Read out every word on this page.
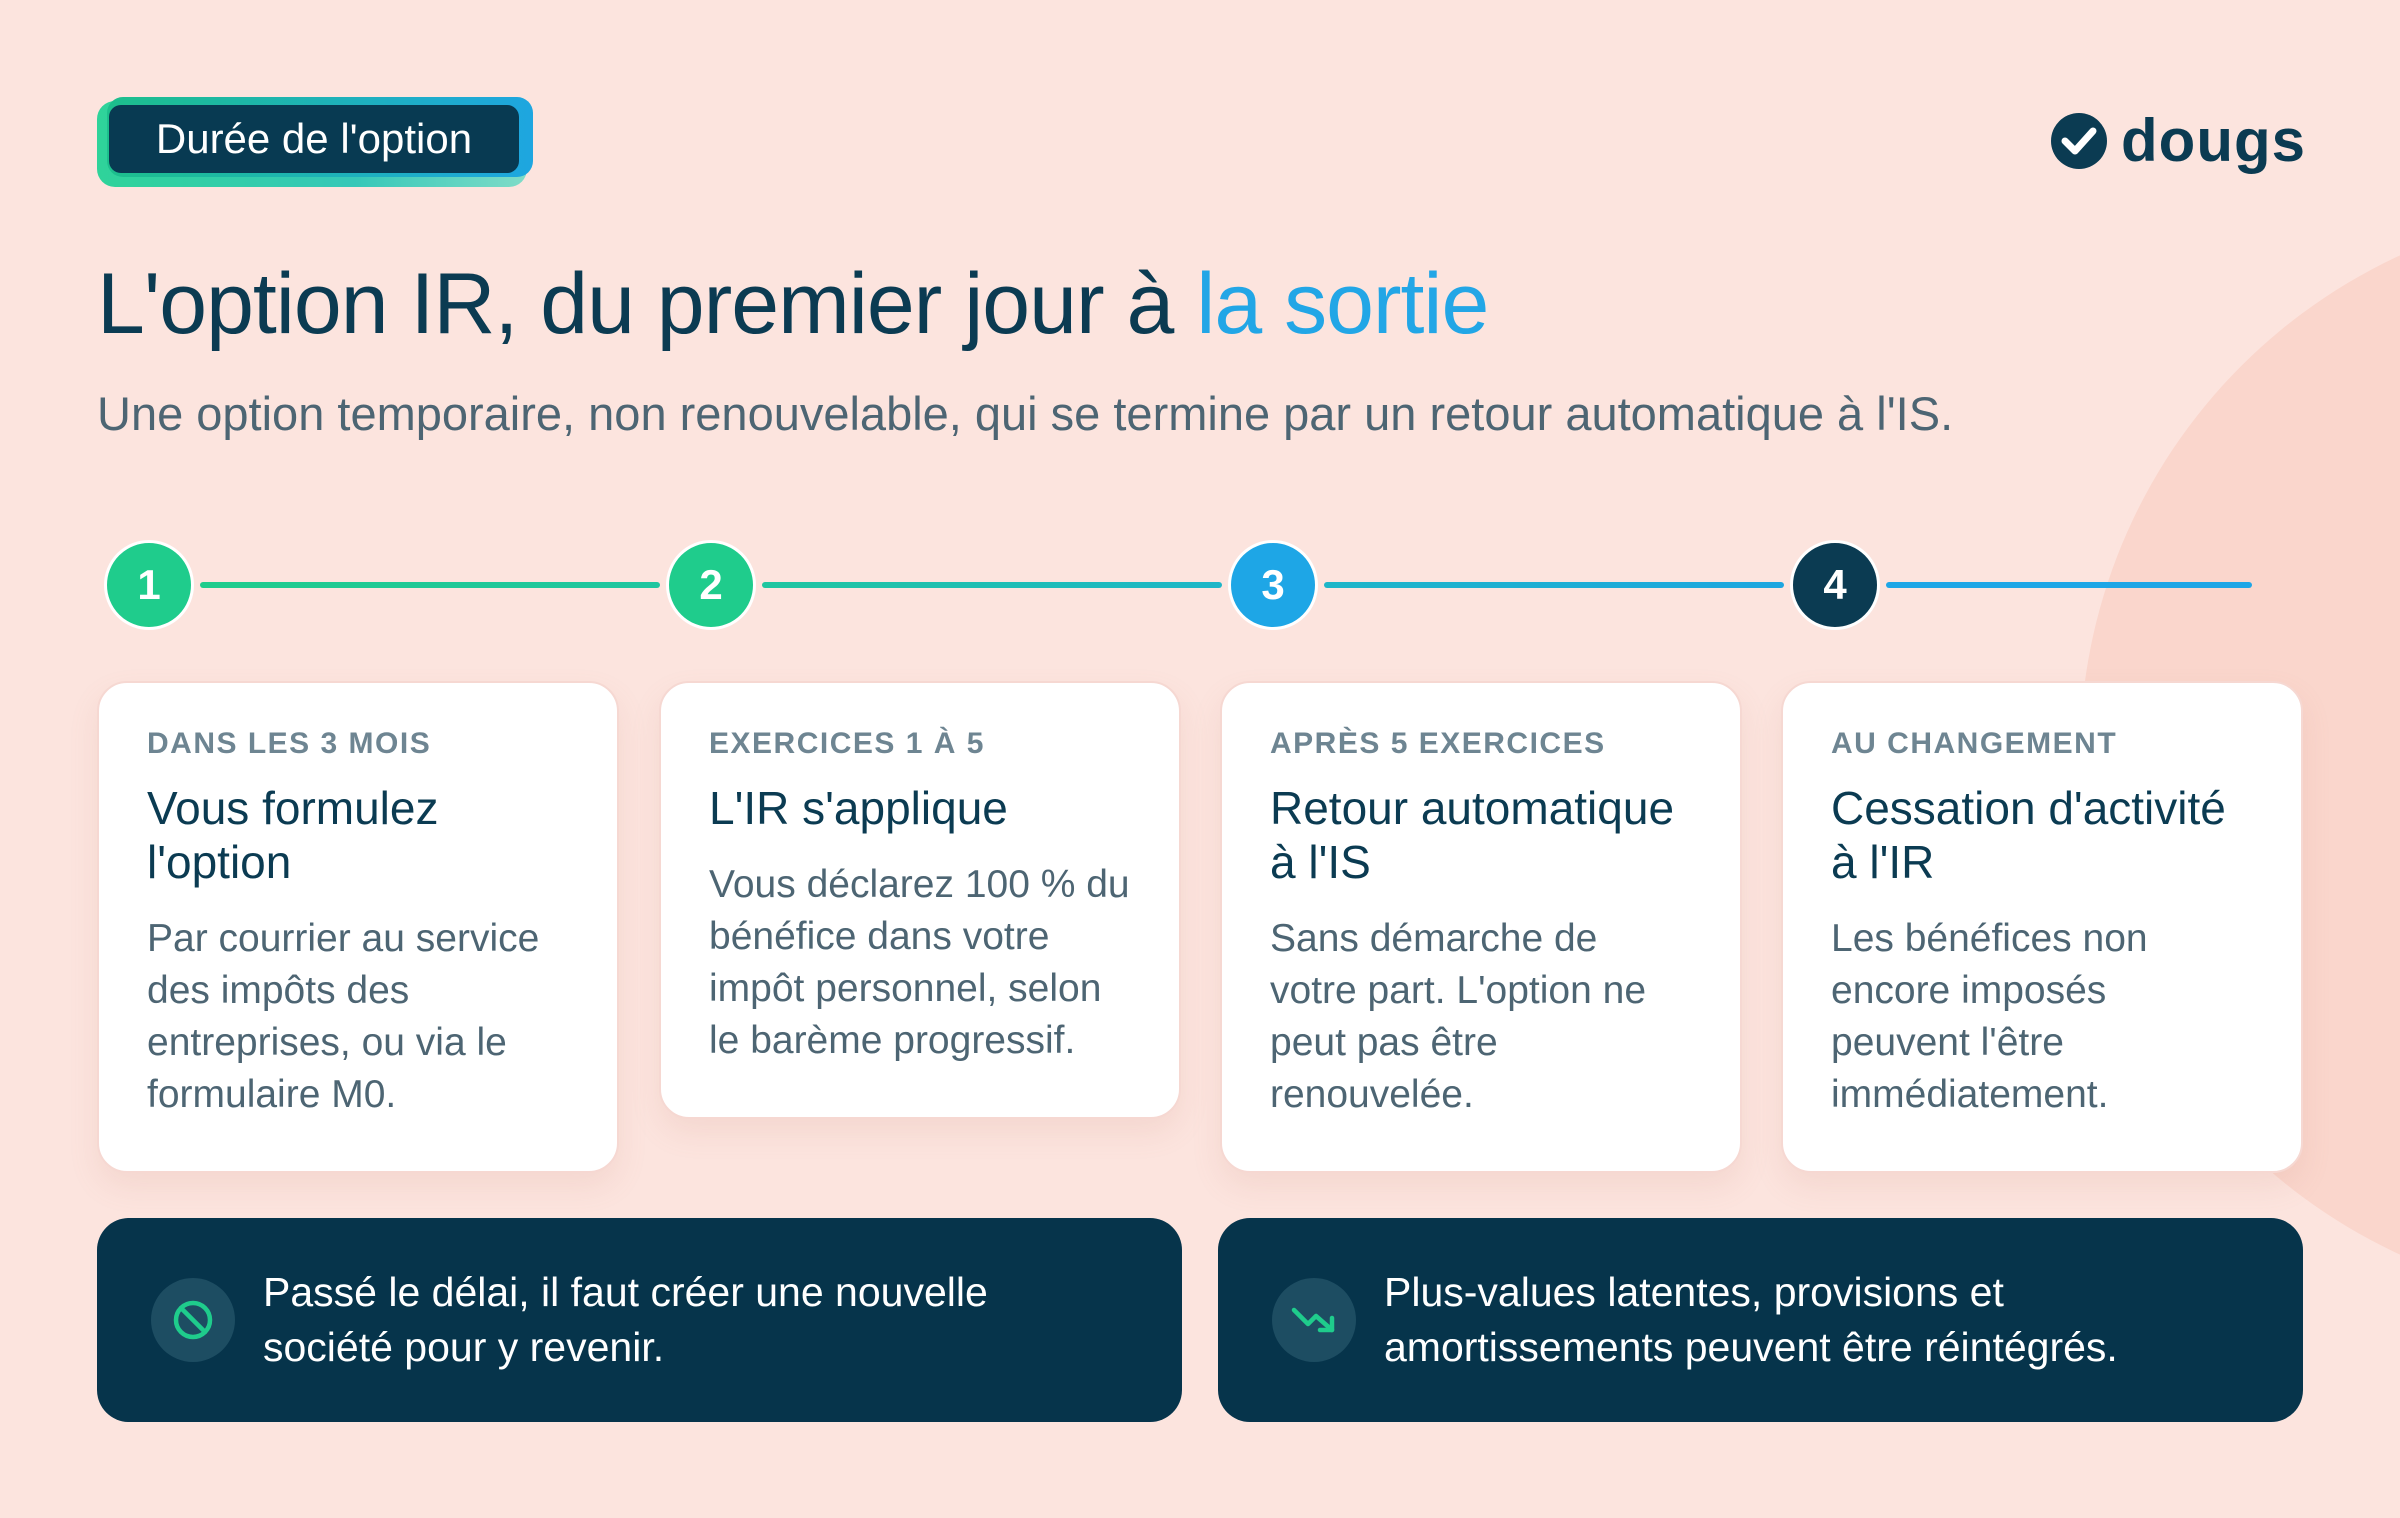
Durée de l'option	dougs
L'option IR, du premier jour à la sortie
Une option temporaire, non renouvelable, qui se termine par un retour automatique à l'IS.
1	2	3	4
DANS LES 3 MOIS
Vous formulez l'option
Par courrier au service des impôts des entreprises, ou via le formulaire M0.
EXERCICES 1 À 5
L'IR s'applique
Vous déclarez 100 % du bénéfice dans votre impôt personnel, selon le barème progressif.
APRÈS 5 EXERCICES
Retour automatique à l'IS
Sans démarche de votre part. L'option ne peut pas être renouvelée.
AU CHANGEMENT
Cessation d'activité à l'IR
Les bénéfices non encore imposés peuvent l'être immédiatement.
Passé le délai, il faut créer une nouvelle société pour y revenir.
Plus-values latentes, provisions et amortissements peuvent être réintégrés.
